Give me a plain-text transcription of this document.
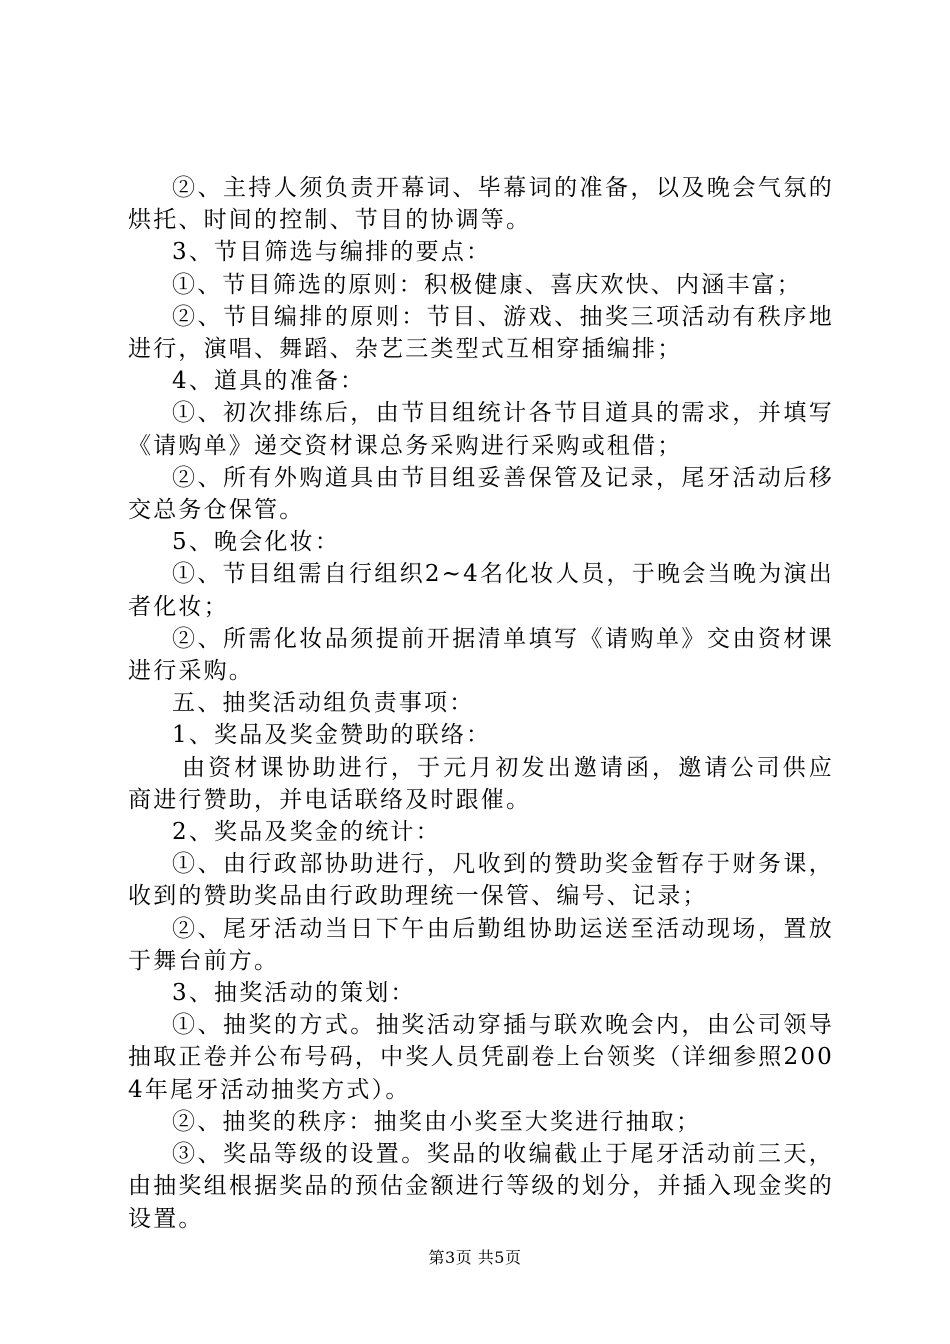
②、主持人须负责开幕词、毕幕词的准备，以及晚会气氛的烘托、时间的控制、节目的协调等。

3、节目筛选与编排的要点：

①、节目筛选的原则：积极健康、喜庆欢快、内涵丰富；

②、节目编排的原则：节目、游戏、抽奖三项活动有秩序地进行，演唱、舞蹈、杂艺三类型式互相穿插编排；

4、道具的准备：

①、初次排练后，由节目组统计各节目道具的需求，并填写《请购单》递交资材课总务采购进行采购或租借；

②、所有外购道具由节目组妥善保管及记录，尾牙活动后移交总务仓保管。

5、晚会化妆：

①、节目组需自行组织2~4名化妆人员，于晚会当晚为演出者化妆；

②、所需化妆品须提前开据清单填写《请购单》交由资材课进行采购。

五、抽奖活动组负责事项：

1、奖品及奖金赞助的联络：

由资材课协助进行，于元月初发出邀请函，邀请公司供应商进行赞助，并电话联络及时跟催。

2、奖品及奖金的统计：

①、由行政部协助进行，凡收到的赞助奖金暂存于财务课，收到的赞助奖品由行政助理统一保管、编号、记录；

②、尾牙活动当日下午由后勤组协助运送至活动现场，置放于舞台前方。

3、抽奖活动的策划：

①、抽奖的方式。抽奖活动穿插与联欢晚会内，由公司领导抽取正卷并公布号码，中奖人员凭副卷上台领奖（详细参照2004年尾牙活动抽奖方式）。

②、抽奖的秩序：抽奖由小奖至大奖进行抽取；

③、奖品等级的设置。奖品的收编截止于尾牙活动前三天，由抽奖组根据奖品的预估金额进行等级的划分，并插入现金奖的设置。

第3页 共5页
